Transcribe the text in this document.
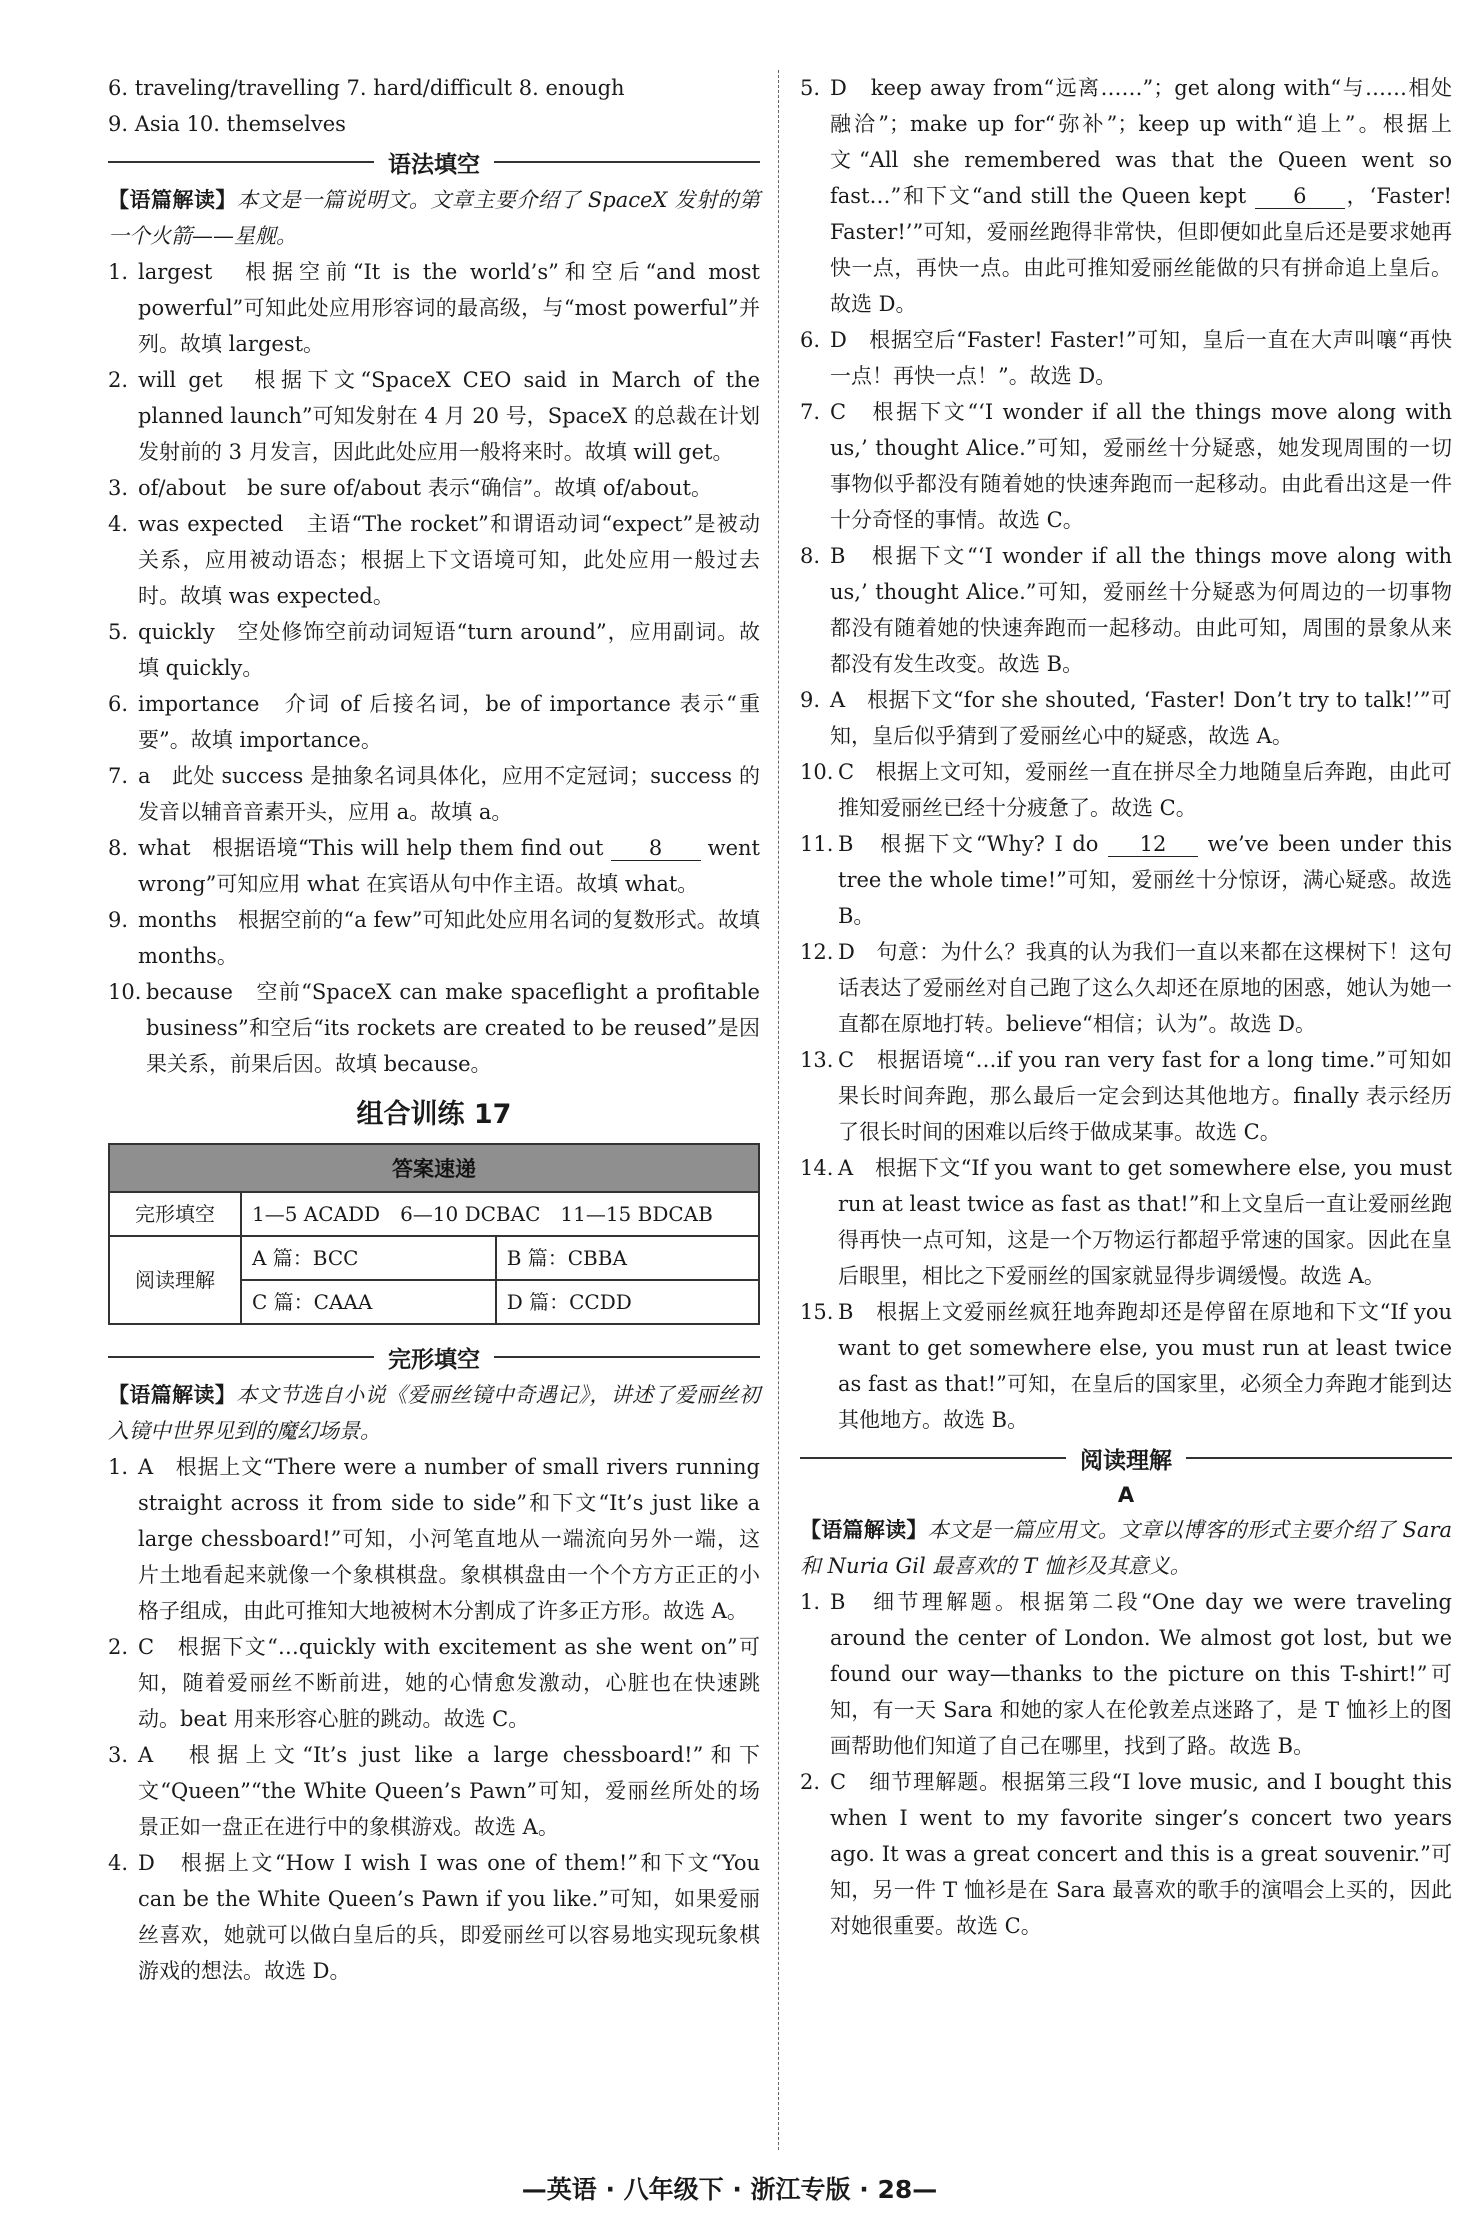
6. traveling/travelling 7. hard/difficult 8. enough

9. Asia 10. themselves

语法填空
【语篇解读】本文是一篇说明文。文章主要介绍了 SpaceX 发射的第一个火箭——星舰。
1. largest　根据空前“It is the world’s”和空后“and most powerful”可知此处应用形容词的最高级，与“most powerful”并列。故填 largest。
2. will get　根据下文“SpaceX CEO said in March of the planned launch”可知发射在 4 月 20 号，SpaceX 的总裁在计划发射前的 3 月发言，因此此处应用一般将来时。故填 will get。
3. of/about　be sure of/about 表示“确信”。故填 of/about。
4. was expected　主语“The rocket”和谓语动词“expect”是被动关系，应用被动语态；根据上下文语境可知，此处应用一般过去时。故填 was expected。
5. quickly　空处修饰空前动词短语“turn around”，应用副词。故填 quickly。
6. importance　介词 of 后接名词，be of importance 表示“重要”。故填 importance。
7. a　此处 success 是抽象名词具体化，应用不定冠词；success 的发音以辅音音素开头，应用 a。故填 a。
8. what　根据语境“This will help them find out 8 went wrong”可知应用 what 在宾语从句中作主语。故填 what。
9. months　根据空前的“a few”可知此处应用名词的复数形式。故填 months。
10. because　空前“SpaceX can make spaceflight a profitable business”和空后“its rockets are created to be reused”是因果关系，前果后因。故填 because。
组合训练 17
答案速递		
完形填空	1—5 ACADD　6—10 DCBAC　11—15 BDCAB	
阅读理解	A 篇：BCC	B 篇：CBBA
	C 篇：CAAA	D 篇：CCDD
完形填空
【语篇解读】本文节选自小说《爱丽丝镜中奇遇记》，讲述了爱丽丝初入镜中世界见到的魔幻场景。
1. A　根据上文“There were a number of small rivers running straight across it from side to side”和下文“It’s just like a large chessboard!”可知，小河笔直地从一端流向另外一端，这片土地看起来就像一个象棋棋盘。象棋棋盘由一个个方方正正的小格子组成，由此可推知大地被树木分割成了许多正方形。故选 A。
2. C　根据下文“…quickly with excitement as she went on”可知，随着爱丽丝不断前进，她的心情愈发激动，心脏也在快速跳动。beat 用来形容心脏的跳动。故选 C。
3. A　根据上文“It’s just like a large chessboard!”和下文“Queen”“the White Queen’s Pawn”可知，爱丽丝所处的场景正如一盘正在进行中的象棋游戏。故选 A。
4. D　根据上文“How I wish I was one of them!”和下文“You can be the White Queen’s Pawn if you like.”可知，如果爱丽丝喜欢，她就可以做白皇后的兵，即爱丽丝可以容易地实现玩象棋游戏的想法。故选 D。
5. D　keep away from“远离……”；get along with“与……相处融洽”；make up for“弥补”；keep up with“追上”。根据上文“All she remembered was that the Queen went so fast…”和下文“and still the Queen kept 6 ，‘Faster! Faster!’”可知，爱丽丝跑得非常快，但即便如此皇后还是要求她再快一点，再快一点。由此可推知爱丽丝能做的只有拼命追上皇后。故选 D。
6. D　根据空后“Faster! Faster!”可知，皇后一直在大声叫嚷“再快一点！再快一点！”。故选 D。
7. C　根据下文“‘I wonder if all the things move along with us,’ thought Alice.”可知，爱丽丝十分疑惑，她发现周围的一切事物似乎都没有随着她的快速奔跑而一起移动。由此看出这是一件十分奇怪的事情。故选 C。
8. B　根据下文“‘I wonder if all the things move along with us,’ thought Alice.”可知，爱丽丝十分疑惑为何周边的一切事物都没有随着她的快速奔跑而一起移动。由此可知，周围的景象从来都没有发生改变。故选 B。
9. A　根据下文“for she shouted, ‘Faster! Don’t try to talk!’”可知，皇后似乎猜到了爱丽丝心中的疑惑，故选 A。
10. C　根据上文可知，爱丽丝一直在拼尽全力地随皇后奔跑，由此可推知爱丽丝已经十分疲惫了。故选 C。
11. B　根据下文“Why? I do 12 we’ve been under this tree the whole time!”可知，爱丽丝十分惊讶，满心疑惑。故选 B。
12. D　句意：为什么？我真的认为我们一直以来都在这棵树下！这句话表达了爱丽丝对自己跑了这么久却还在原地的困惑，她认为她一直都在原地打转。believe“相信；认为”。故选 D。
13. C　根据语境“…if you ran very fast for a long time.”可知如果长时间奔跑，那么最后一定会到达其他地方。finally 表示经历了很长时间的困难以后终于做成某事。故选 C。
14. A　根据下文“If you want to get somewhere else, you must run at least twice as fast as that!”和上文皇后一直让爱丽丝跑得再快一点可知，这是一个万物运行都超乎常速的国家。因此在皇后眼里，相比之下爱丽丝的国家就显得步调缓慢。故选 A。
15. B　根据上文爱丽丝疯狂地奔跑却还是停留在原地和下文“If you want to get somewhere else, you must run at least twice as fast as that!”可知，在皇后的国家里，必须全力奔跑才能到达其他地方。故选 B。
阅读理解
A
【语篇解读】本文是一篇应用文。文章以博客的形式主要介绍了 Sara 和 Nuria Gil 最喜欢的 T 恤衫及其意义。
1. B　细节理解题。根据第二段“One day we were traveling around the center of London. We almost got lost, but we found our way—thanks to the picture on this T-shirt!”可知，有一天 Sara 和她的家人在伦敦差点迷路了，是 T 恤衫上的图画帮助他们知道了自己在哪里，找到了路。故选 B。
2. C　细节理解题。根据第三段“I love music, and I bought this when I went to my favorite singer’s concert two years ago. It was a great concert and this is a great souvenir.”可知，另一件 T 恤衫是在 Sara 最喜欢的歌手的演唱会上买的，因此对她很重要。故选 C。
—英语 · 八年级下 · 浙江专版 · 28—
